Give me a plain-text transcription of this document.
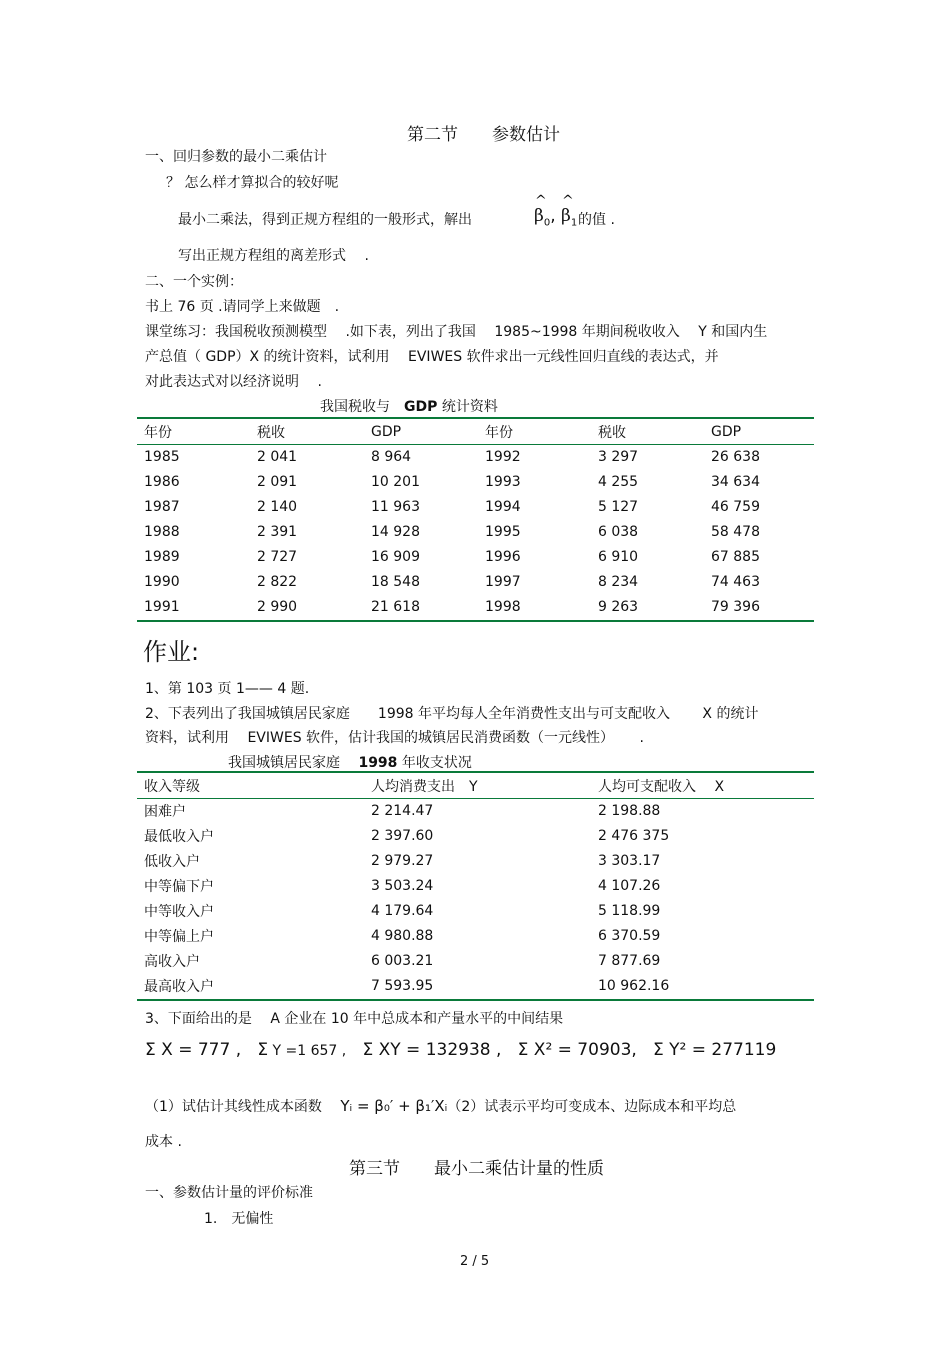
第二节　　参数估计
一、回归参数的最小二乘估计
？ 怎么样才算拟合的较好呢
最小二乘法，得到正规方程组的一般形式，解出
^
$\beta_0$,
^
$\beta_1$ 的值 .
写出正规方程组的离差形式　 .
二、一个实例：
书上 76 页 .请同学上来做题　.
课堂练习：我国税收预测模型　 .如下表，列出了我国　 1985~1998 年期间税收收入　 Y 和国内生
产总值（ GDP）X 的统计资料，试利用　 EVIWES 软件求出一元线性回归直线的表达式，并
对此表达式对以经济说明　 .
我国税收与　GDP 统计资料
年份	税收	GDP	年份	税收	GDP
1985	2 041	8 964	1992	3 297	26 638
1986	2 091	10 201	1993	4 255	34 634
1987	2 140	11 963	1994	5 127	46 759
1988	2 391	14 928	1995	6 038	58 478
1989	2 727	16 909	1996	6 910	67 885
1990	2 822	18 548	1997	8 234	74 463
1991	2 990	21 618	1998	9 263	79 396
作业:
1、第 103 页 1—— 4 题.
2、下表列出了我国城镇居民家庭　　1998 年平均每人全年消费性支出与可支配收入　　 X 的统计
资料，试利用　 EVIWES 软件，估计我国的城镇居民消费函数（一元线性）　　 .
我国城镇居民家庭　 1998 年收支状况
收入等级	人均消费支出　Y	人均可支配收入　 X
困难户	2 214.47	2 198.88
最低收入户	2 397.60	2 476 375
低收入户	2 979.27	3 303.17
中等偏下户	3 503.24	4 107.26
中等收入户	4 179.64	5 118.99
中等偏上户	4 980.88	6 370.59
高收入户	6 003.21	7 877.69
最高收入户	7 593.95	10 962.16
3、下面给出的是　 A 企业在 10 年中总成本和产量水平的中间结果
Σ X = 777 , Σ Y =1 657 , Σ XY = 132938 , Σ X² = 70903, Σ Y² = 277119
（1）试估计其线性成本函数　 Yᵢ = β₀′ + β₁′Xᵢ（2）试表示平均可变成本、边际成本和平均总
成本 .
第三节　　最小二乘估计量的性质
一、参数估计量的评价标准
1.　无偏性
2 / 5
